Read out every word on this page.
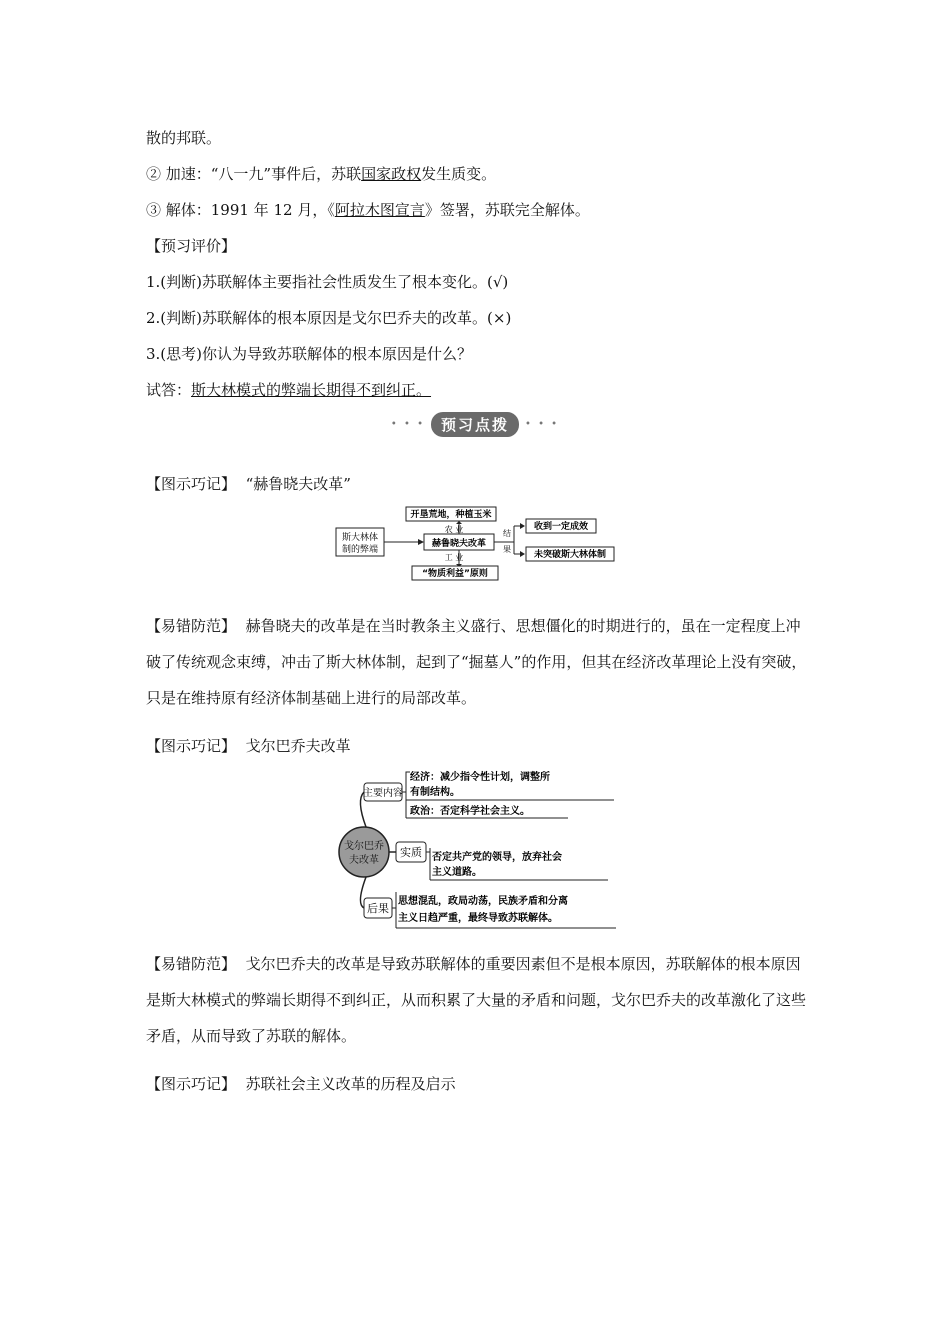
散的邦联。
② 加速：“八一九”事件后，苏联国家政权发生质变。
③ 解体：1991 年 12 月，《阿拉木图宣言》签署，苏联完全解体。
【预习评价】
1.(判断)苏联解体主要指社会性质发生了根本变化。(√)
2.(判断)苏联解体的根本原因是戈尔巴乔夫的改革。(×)
3.(思考)你认为导致苏联解体的根本原因是什么？
试答：斯大林模式的弊端长期得不到纠正。
• • •	预习点拨	• • •
【图示巧记】 “赫鲁晓夫改革”
斯大林体
制的弊端
赫鲁晓夫改革
开垦荒地，种植玉米
农 业
工 业
“物质利益”原则
结
果
收到一定成效
未突破斯大林体制
【易错防范】 赫鲁晓夫的改革是在当时教条主义盛行、思想僵化的时期进行的，虽在一定程度上冲破了传统观念束缚，冲击了斯大林体制，起到了“掘墓人”的作用，但其在经济改革理论上没有突破，只是在维持原有经济体制基础上进行的局部改革。
【图示巧记】 戈尔巴乔夫改革
戈尔巴乔
夫改革
主要内容
实质
后果
经济：减少指令性计划，调整所
有制结构。
政治：否定科学社会主义。
否定共产党的领导，放弃社会
主义道路。
思想混乱，政局动荡，民族矛盾和分离
主义日趋严重，最终导致苏联解体。
【易错防范】 戈尔巴乔夫的改革是导致苏联解体的重要因素但不是根本原因，苏联解体的根本原因是斯大林模式的弊端长期得不到纠正，从而积累了大量的矛盾和问题，戈尔巴乔夫的改革激化了这些矛盾，从而导致了苏联的解体。
【图示巧记】 苏联社会主义改革的历程及启示
